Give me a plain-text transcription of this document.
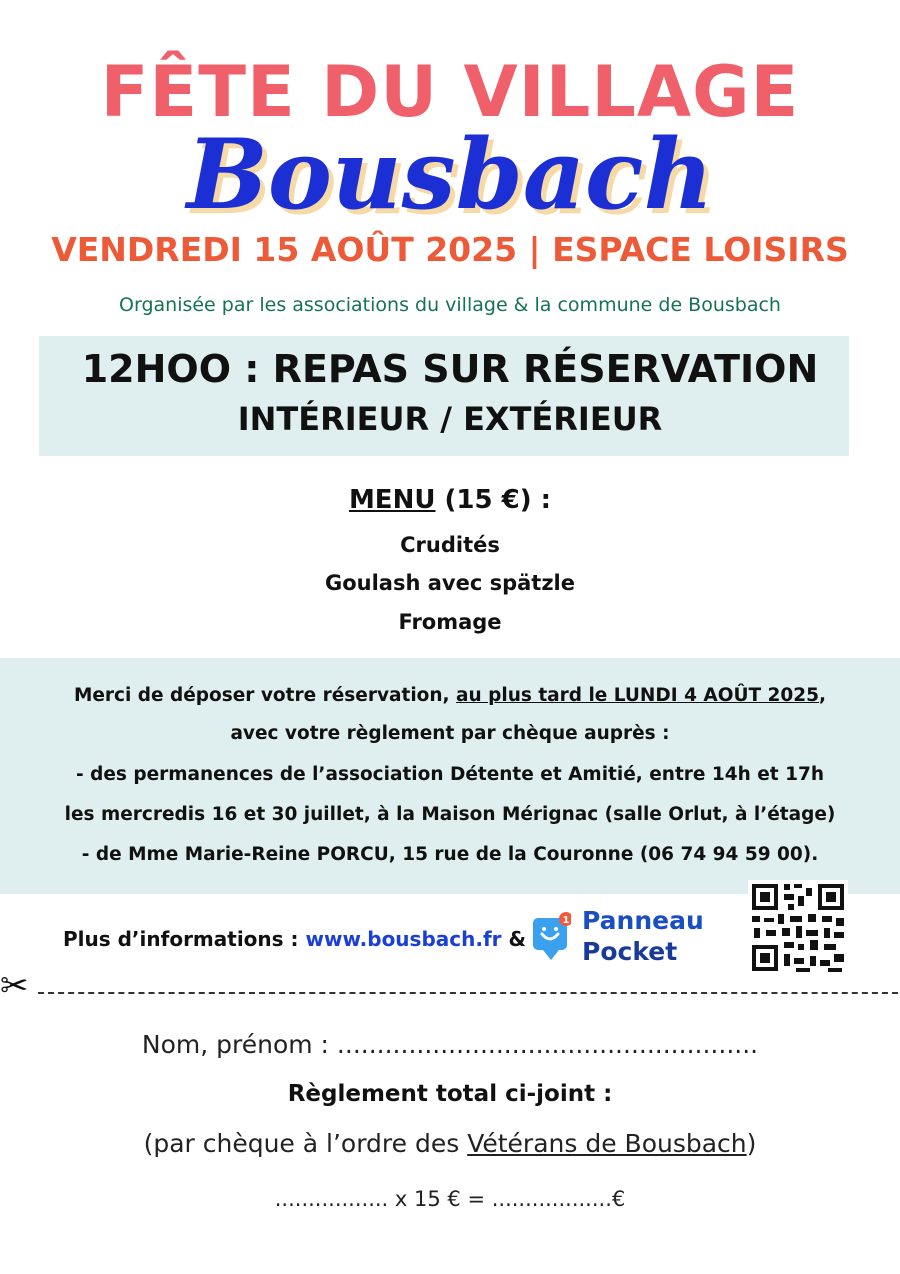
FÊTE DU VILLAGE
Bousbach
VENDREDI 15 AOÛT 2025 | ESPACE LOISIRS
Organisée par les associations du village & la commune de Bousbach
12HOO : REPAS SUR RÉSERVATION
INTÉRIEUR / EXTÉRIEUR
MENU (15 €) :
Crudités
Goulash avec spätzle
Fromage
Merci de déposer votre réservation, au plus tard le LUNDI 4 AOÛT 2025,
avec votre règlement par chèque auprès :
- des permanences de l’association Détente et Amitié, entre 14h et 17h
les mercredis 16 et 30 juillet, à la Maison Mérignac (salle Orlut, à l’étage)
- de Mme Marie-Reine PORCU, 15 rue de la Couronne (06 74 94 59 00).
Plus d’informations : www.bousbach.fr &
1 Panneau
Pocket
✂
Nom, prénom : .....................................................
Règlement total ci-joint :
(par chèque à l’ordre des Vétérans de Bousbach)
................. x 15 € = ..................€
